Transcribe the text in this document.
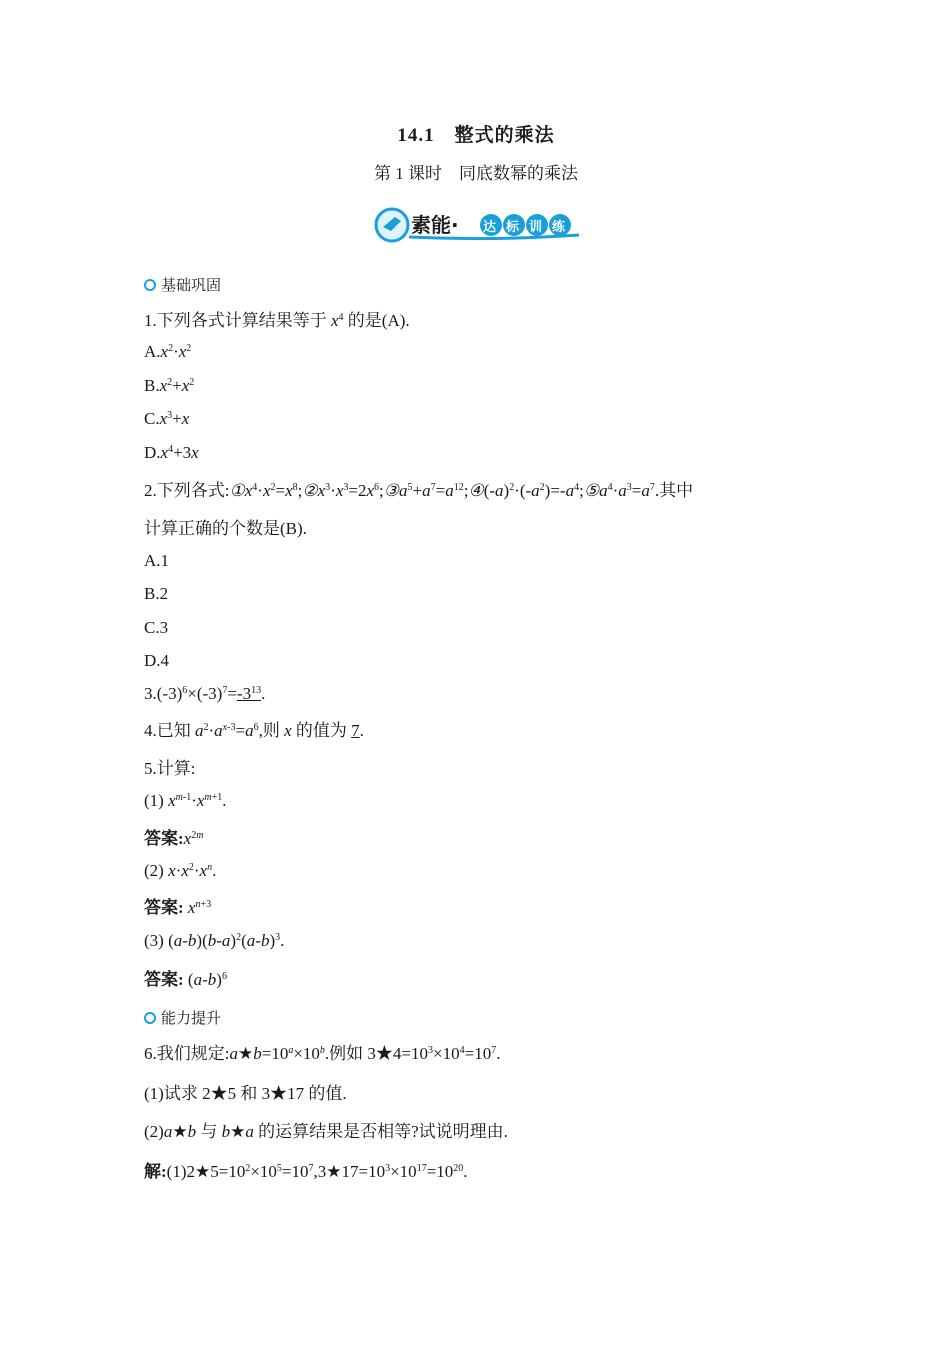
14.1　整式的乘法
第 1 课时　同底数幂的乘法
素能· 达 标 训 练
基础巩固
1.下列各式计算结果等于 $x^4$ 的是(A).
$A.x^2\cdot x^2$
$B.x^2+x^2$
$C.x^3+x$
$D.x^4+3x$
2.下列各式$:①x^4\cdot x^2=x^8;②x^3\cdot x^3=2x^6;③a^5+a^7=a^{12};④(-a)^2\cdot(-a^2)=-a^4;⑤a^4\cdot a^3=a^7$.其中
计算正确的个数是(B).
A.1
B.2
C.3
D.4
$3.(-3)^6\times(-3)^7=-3^{13}$.
4.已知 $a^2\cdot a^{x-3}=a^6$,则 x 的值为 7.
5.计算:
(1) $x^{m-1}\cdot x^{m+1}$.
答案$:x^{2m}$
(2) $x\cdot x^2\cdot x^n$.
答案: $x^{n+3}$
(3) $(a-b)(b-a)^2(a-b)^3$.
答案: $(a-b)^6$
能力提升
6.我们规定$:a★b=10^a\times 10^b$.例如 $3★4=10^3\times 10^4=10^7$.
(1)试求 2★5 和 3★17 的值.
(2)a★b 与 b★a 的运算结果是否相等?试说明理由.
解$:(1)2★5=10^2\times 10^5=10^7,3★17=10^3\times 10^{17}=10^{20}$.
